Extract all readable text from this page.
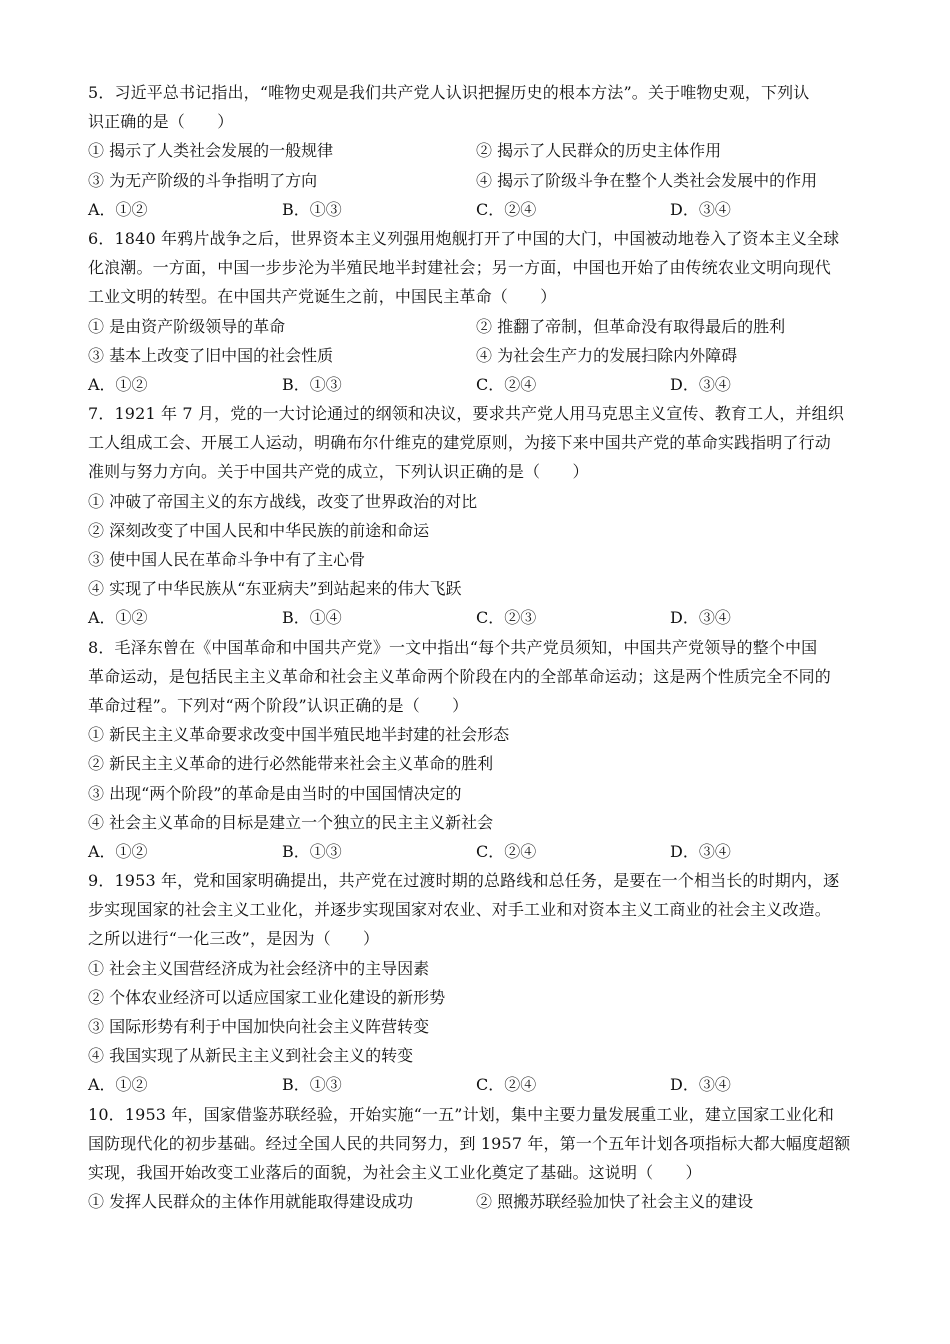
5．习近平总书记指出，“唯物史观是我们共产党人认识把握历史的根本方法”。关于唯物史观，下列认
识正确的是（　　）
① 揭示了人类社会发展的一般规律	② 揭示了人民群众的历史主体作用
③ 为无产阶级的斗争指明了方向	④ 揭示了阶级斗争在整个人类社会发展中的作用
A．①②	B．①③	C．②④	D．③④
6．1840 年鸦片战争之后，世界资本主义列强用炮舰打开了中国的大门，中国被动地卷入了资本主义全球
化浪潮。一方面，中国一步步沦为半殖民地半封建社会；另一方面，中国也开始了由传统农业文明向现代
工业文明的转型。在中国共产党诞生之前，中国民主革命（　　）
① 是由资产阶级领导的革命	② 推翻了帝制，但革命没有取得最后的胜利
③ 基本上改变了旧中国的社会性质	④ 为社会生产力的发展扫除内外障碍
A．①②	B．①③	C．②④	D．③④
7．1921 年 7 月，党的一大讨论通过的纲领和决议，要求共产党人用马克思主义宣传、教育工人，并组织
工人组成工会、开展工人运动，明确布尔什维克的建党原则，为接下来中国共产党的革命实践指明了行动
准则与努力方向。关于中国共产党的成立，下列认识正确的是（　　）
① 冲破了帝国主义的东方战线，改变了世界政治的对比
② 深刻改变了中国人民和中华民族的前途和命运
③ 使中国人民在革命斗争中有了主心骨
④ 实现了中华民族从“东亚病夫”到站起来的伟大飞跃
A．①②	B．①④	C．②③	D．③④
8．毛泽东曾在《中国革命和中国共产党》一文中指出“每个共产党员须知，中国共产党领导的整个中国
革命运动，是包括民主主义革命和社会主义革命两个阶段在内的全部革命运动；这是两个性质完全不同的
革命过程”。下列对“两个阶段”认识正确的是（　　）
① 新民主主义革命要求改变中国半殖民地半封建的社会形态
② 新民主主义革命的进行必然能带来社会主义革命的胜利
③ 出现“两个阶段”的革命是由当时的中国国情决定的
④ 社会主义革命的目标是建立一个独立的民主主义新社会
A．①②	B．①③	C．②④	D．③④
9．1953 年，党和国家明确提出，共产党在过渡时期的总路线和总任务，是要在一个相当长的时期内，逐
步实现国家的社会主义工业化，并逐步实现国家对农业、对手工业和对资本主义工商业的社会主义改造。
之所以进行“一化三改”，是因为（　　）
① 社会主义国营经济成为社会经济中的主导因素
② 个体农业经济可以适应国家工业化建设的新形势
③ 国际形势有利于中国加快向社会主义阵营转变
④ 我国实现了从新民主主义到社会主义的转变
A．①②	B．①③	C．②④	D．③④
10．1953 年，国家借鉴苏联经验，开始实施“一五”计划，集中主要力量发展重工业，建立国家工业化和
国防现代化的初步基础。经过全国人民的共同努力，到 1957 年，第一个五年计划各项指标大都大幅度超额
实现，我国开始改变工业落后的面貌，为社会主义工业化奠定了基础。这说明（　　）
① 发挥人民群众的主体作用就能取得建设成功	② 照搬苏联经验加快了社会主义的建设
